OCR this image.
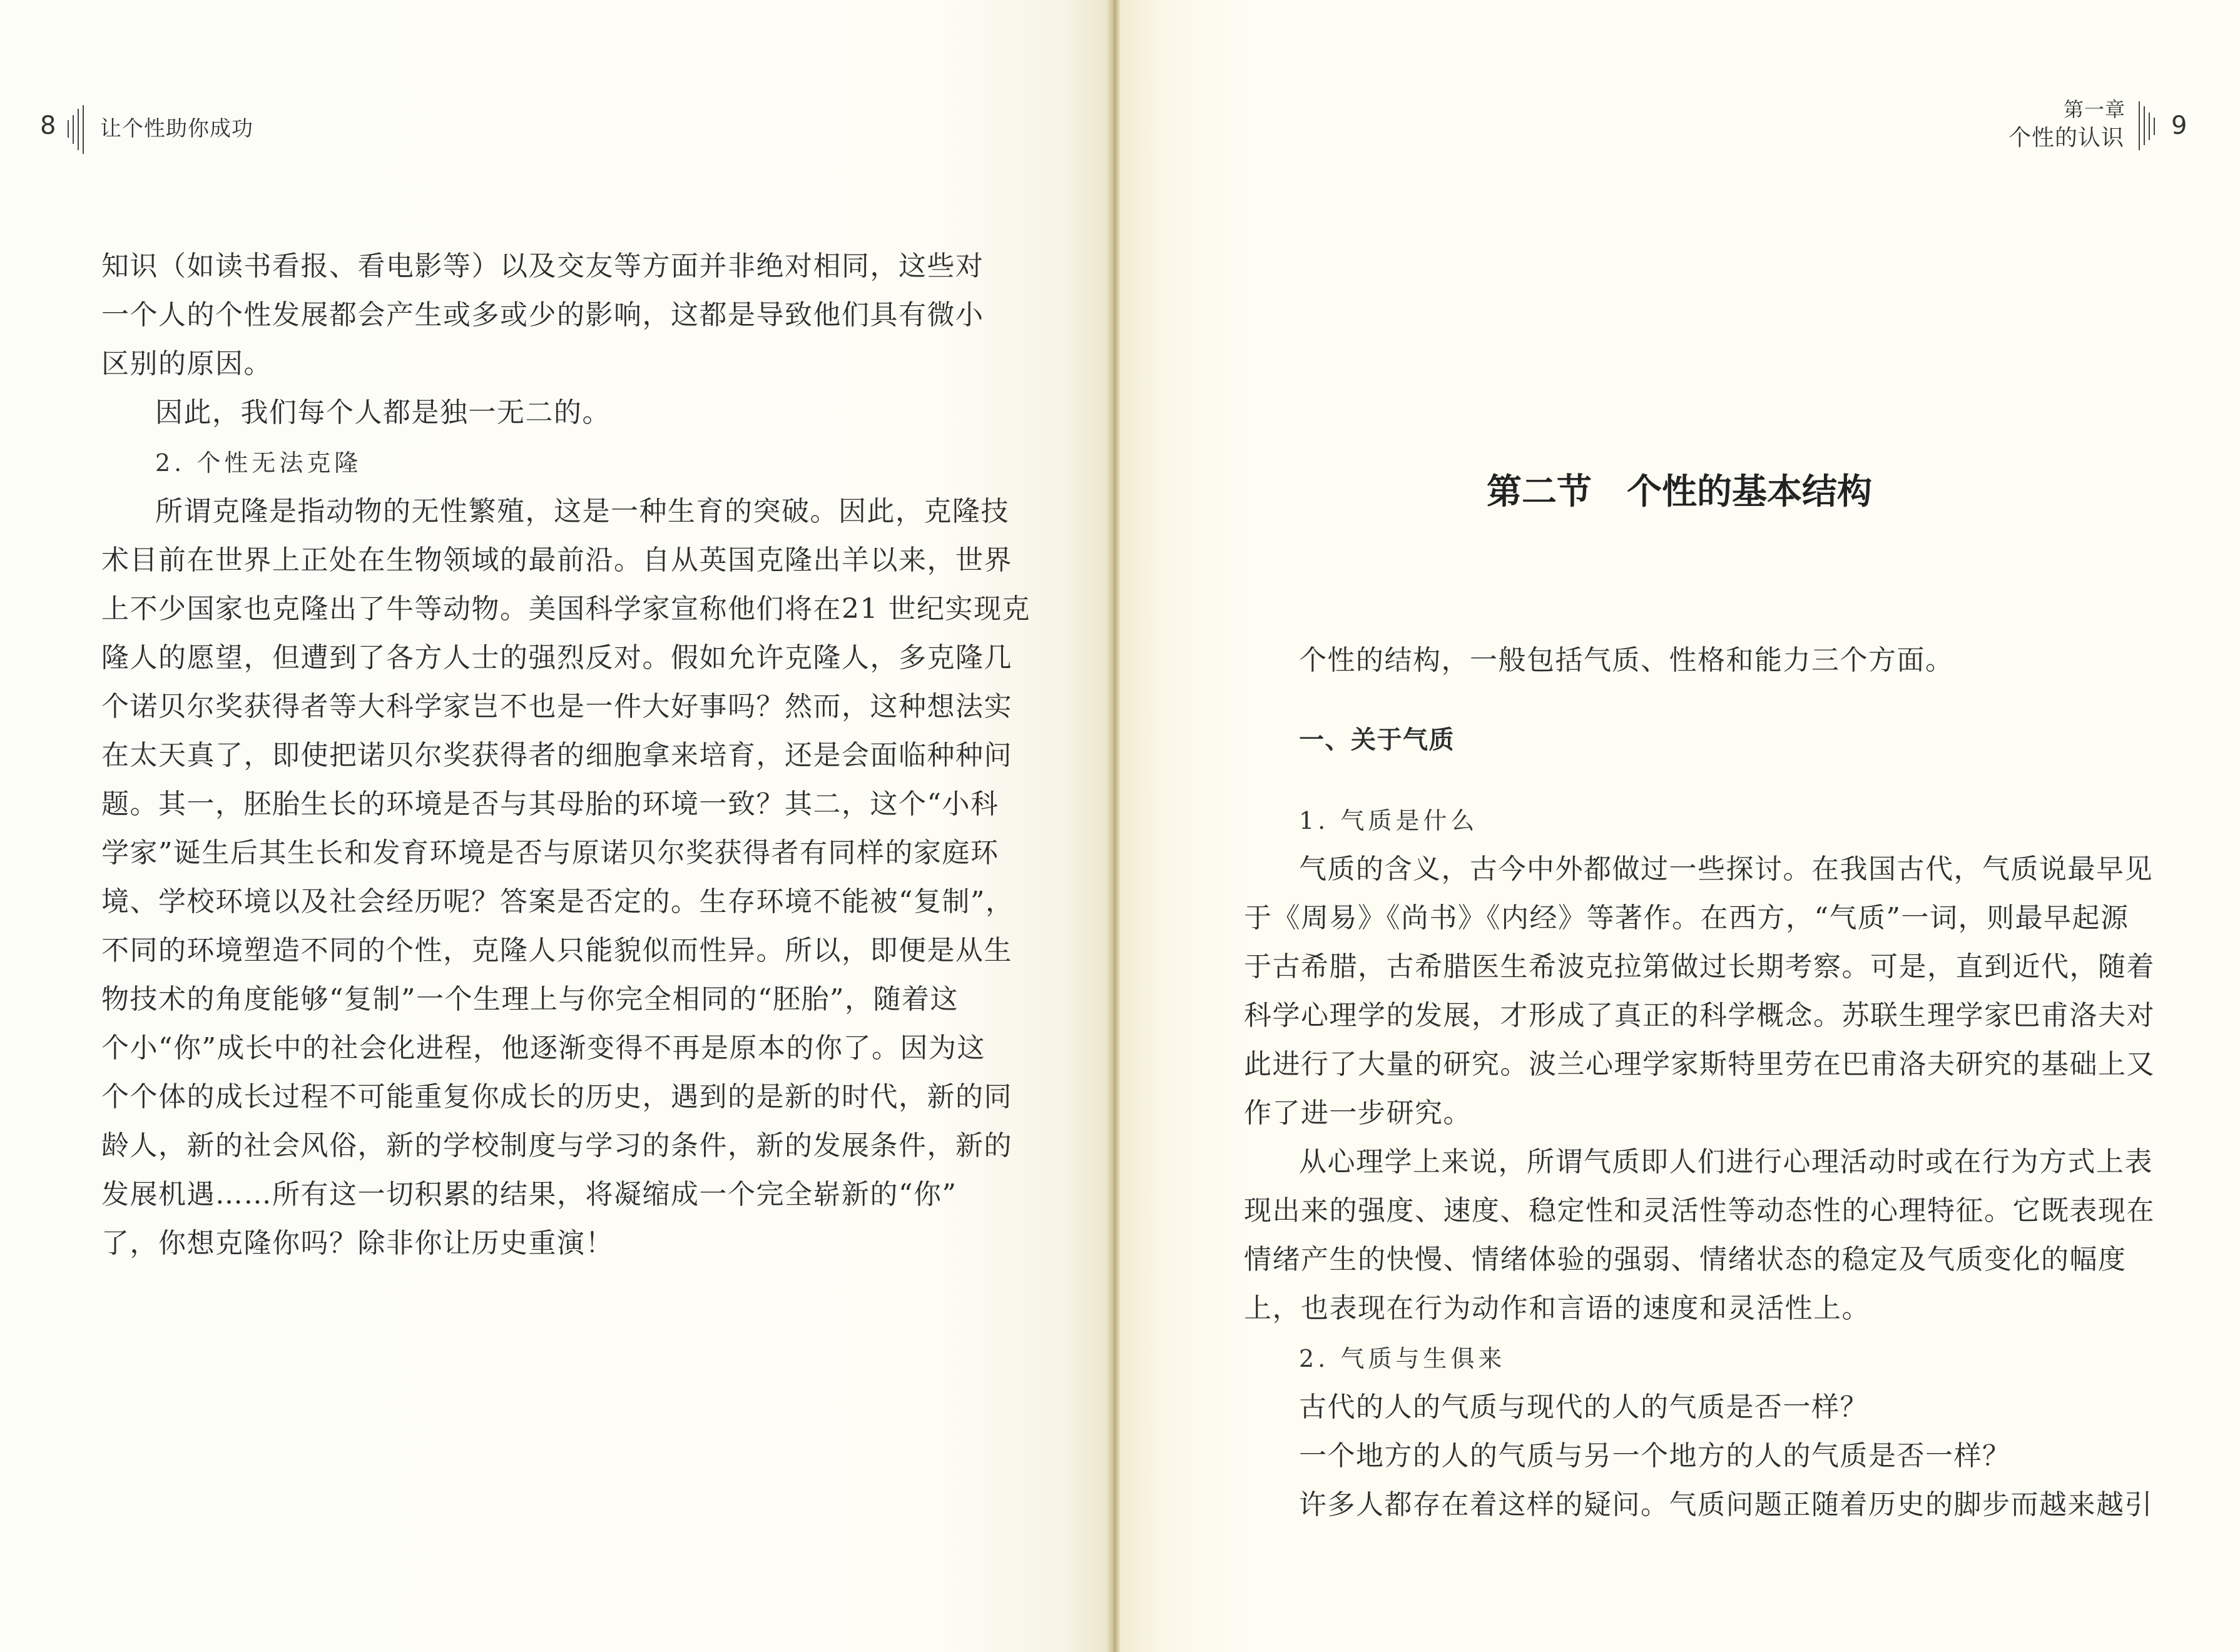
8 让个性助你成功
知识（如读书看报、看电影等）以及交友等方面并非绝对相同，这些对
一个人的个性发展都会产生或多或少的影响，这都是导致他们具有微小
区别的原因。
因此，我们每个人都是独一无二的。
2. 个性无法克隆
所谓克隆是指动物的无性繁殖，这是一种生育的突破。因此，克隆技
术目前在世界上正处在生物领域的最前沿。自从英国克隆出羊以来，世界
上不少国家也克隆出了牛等动物。美国科学家宣称他们将在21 世纪实现克
隆人的愿望，但遭到了各方人士的强烈反对。假如允许克隆人，多克隆几
个诺贝尔奖获得者等大科学家岂不也是一件大好事吗？然而，这种想法实
在太天真了，即使把诺贝尔奖获得者的细胞拿来培育，还是会面临种种问
题。其一，胚胎生长的环境是否与其母胎的环境一致？其二，这个“小科
学家”诞生后其生长和发育环境是否与原诺贝尔奖获得者有同样的家庭环
境、学校环境以及社会经历呢？答案是否定的。生存环境不能被“复制”，
不同的环境塑造不同的个性，克隆人只能貌似而性异。所以，即便是从生
物技术的角度能够“复制”一个生理上与你完全相同的“胚胎”，随着这
个小“你”成长中的社会化进程，他逐渐变得不再是原本的你了。因为这
个个体的成长过程不可能重复你成长的历史，遇到的是新的时代，新的同
龄人，新的社会风俗，新的学校制度与学习的条件，新的发展条件，新的
发展机遇……所有这一切积累的结果，将凝缩成一个完全崭新的“你”
了，你想克隆你吗？除非你让历史重演！
第一章
个性的认识 9
第二节　个性的基本结构
个性的结构，一般包括气质、性格和能力三个方面。
一、关于气质
1. 气质是什么
气质的含义，古今中外都做过一些探讨。在我国古代，气质说最早见
于《周易》《尚书》《内经》等著作。在西方，“气质”一词，则最早起源
于古希腊，古希腊医生希波克拉第做过长期考察。可是，直到近代，随着
科学心理学的发展，才形成了真正的科学概念。苏联生理学家巴甫洛夫对
此进行了大量的研究。波兰心理学家斯特里劳在巴甫洛夫研究的基础上又
作了进一步研究。
从心理学上来说，所谓气质即人们进行心理活动时或在行为方式上表
现出来的强度、速度、稳定性和灵活性等动态性的心理特征。它既表现在
情绪产生的快慢、情绪体验的强弱、情绪状态的稳定及气质变化的幅度
上，也表现在行为动作和言语的速度和灵活性上。
2. 气质与生俱来
古代的人的气质与现代的人的气质是否一样？
一个地方的人的气质与另一个地方的人的气质是否一样？
许多人都存在着这样的疑问。气质问题正随着历史的脚步而越来越引
